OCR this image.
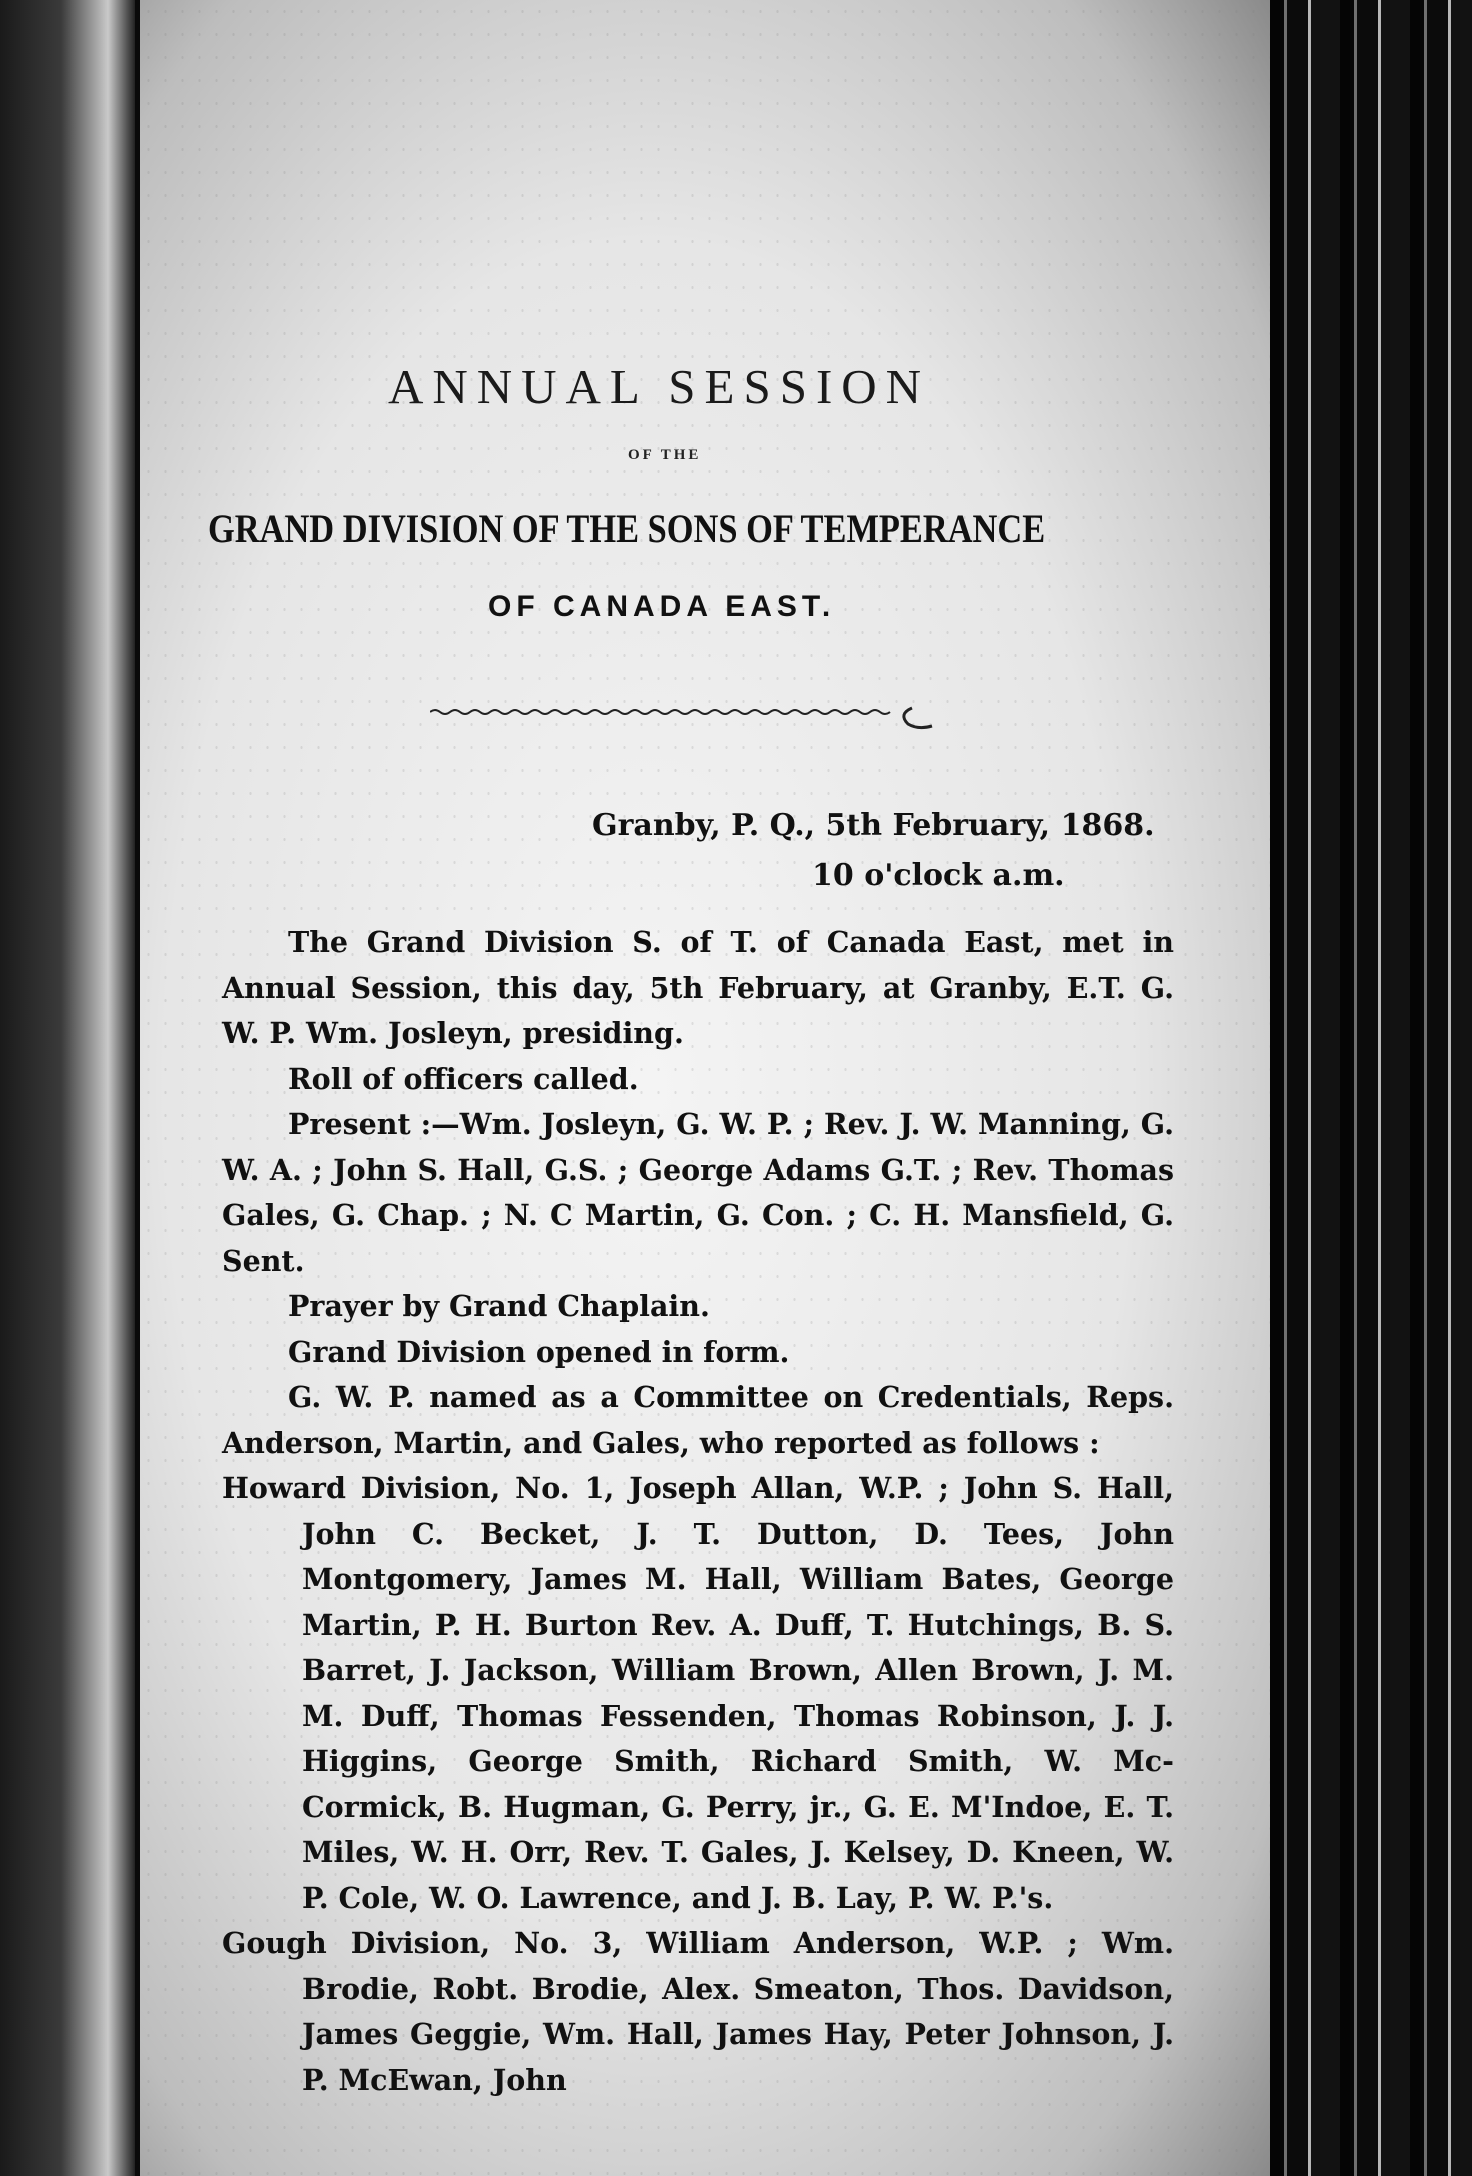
ANNUAL SESSION
OF THE
GRAND DIVISION OF THE SONS OF TEMPERANCE
OF CANADA EAST.
Granby, P. Q., 5th February, 1868.
10 o'clock a.m.

The Grand Division S. of T. of Canada East, met in Annual Session, this day, 5th February, at Granby, E.T. G. W. P. Wm. Josleyn, presiding.

Roll of officers called.

Present :—Wm. Josleyn, G. W. P. ; Rev. J. W. Manning, G. W. A. ; John S. Hall, G.S. ; George Adams G.T. ; Rev. Thomas Gales, G. Chap. ; N. C Martin, G. Con. ; C. H. Mansfield, G. Sent.

Prayer by Grand Chaplain.

Grand Division opened in form.

G. W. P. named as a Committee on Credentials, Reps. Anderson, Martin, and Gales, who reported as follows :

Howard Division, No. 1, Joseph Allan, W.P. ; John S. Hall, John C. Becket, J. T. Dutton, D. Tees, John Montgomery, James M. Hall, William Bates, George Martin, P. H. Burton Rev. A. Duff, T. Hutchings, B. S. Barret, J. Jackson, William Brown, Allen Brown, J. M. M. Duff, Thomas Fessenden, Thomas Robinson, J. J. Higgins, George Smith, Richard Smith, W. Mc- Cormick, B. Hugman, G. Perry, jr., G. E. M'Indoe, E. T. Miles, W. H. Orr, Rev. T. Gales, J. Kelsey, D. Kneen, W. P. Cole, W. O. Lawrence, and J. B. Lay, P. W. P.'s.

Gough Division, No. 3, William Anderson, W.P. ; Wm. Brodie, Robt. Brodie, Alex. Smeaton, Thos. Davidson, James Geggie, Wm. Hall, James Hay, Peter Johnson, J. P. McEwan, John
